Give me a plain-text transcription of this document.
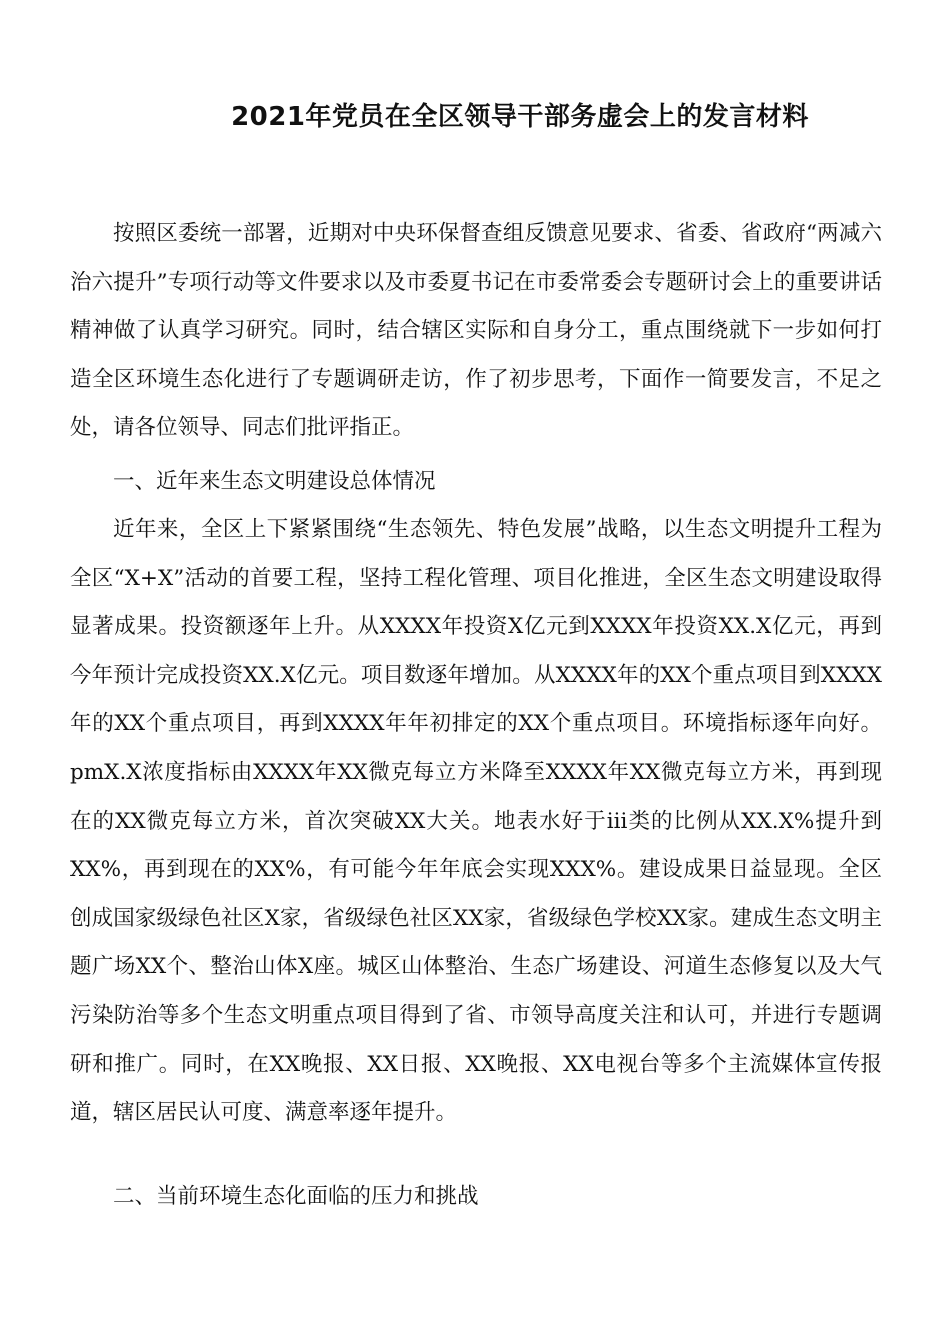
2021年党员在全区领导干部务虚会上的发言材料

按照区委统一部署，近期对中央环保督查组反馈意见要求、省委、省政府“两减六治六提升”专项行动等文件要求以及市委夏书记在市委常委会专题研讨会上的重要讲话精神做了认真学习研究。同时，结合辖区实际和自身分工，重点围绕就下一步如何打造全区环境生态化进行了专题调研走访，作了初步思考，下面作一简要发言，不足之处，请各位领导、同志们批评指正。

一、近年来生态文明建设总体情况

近年来，全区上下紧紧围绕“生态领先、特色发展”战略，以生态文明提升工程为全区“X+X”活动的首要工程，坚持工程化管理、项目化推进，全区生态文明建设取得显著成果。投资额逐年上升。从XXXX年投资X亿元到XXXX年投资XX.X亿元，再到今年预计完成投资XX.X亿元。项目数逐年增加。从XXXX年的XX个重点项目到XXXX年的XX个重点项目，再到XXXX年年初排定的XX个重点项目。环境指标逐年向好。pmX.X浓度指标由XXXX年XX微克每立方米降至XXXX年XX微克每立方米，再到现在的XX微克每立方米，首次突破XX大关。地表水好于iii类的比例从XX.X%提升到XX%，再到现在的XX%，有可能今年年底会实现XXX%。建设成果日益显现。全区创成国家级绿色社区X家，省级绿色社区XX家，省级绿色学校XX家。建成生态文明主题广场XX个、整治山体X座。城区山体整治、生态广场建设、河道生态修复以及大气污染防治等多个生态文明重点项目得到了省、市领导高度关注和认可，并进行专题调研和推广。同时，在XX晚报、XX日报、XX晚报、XX电视台等多个主流媒体宣传报道，辖区居民认可度、满意率逐年提升。

二、当前环境生态化面临的压力和挑战
